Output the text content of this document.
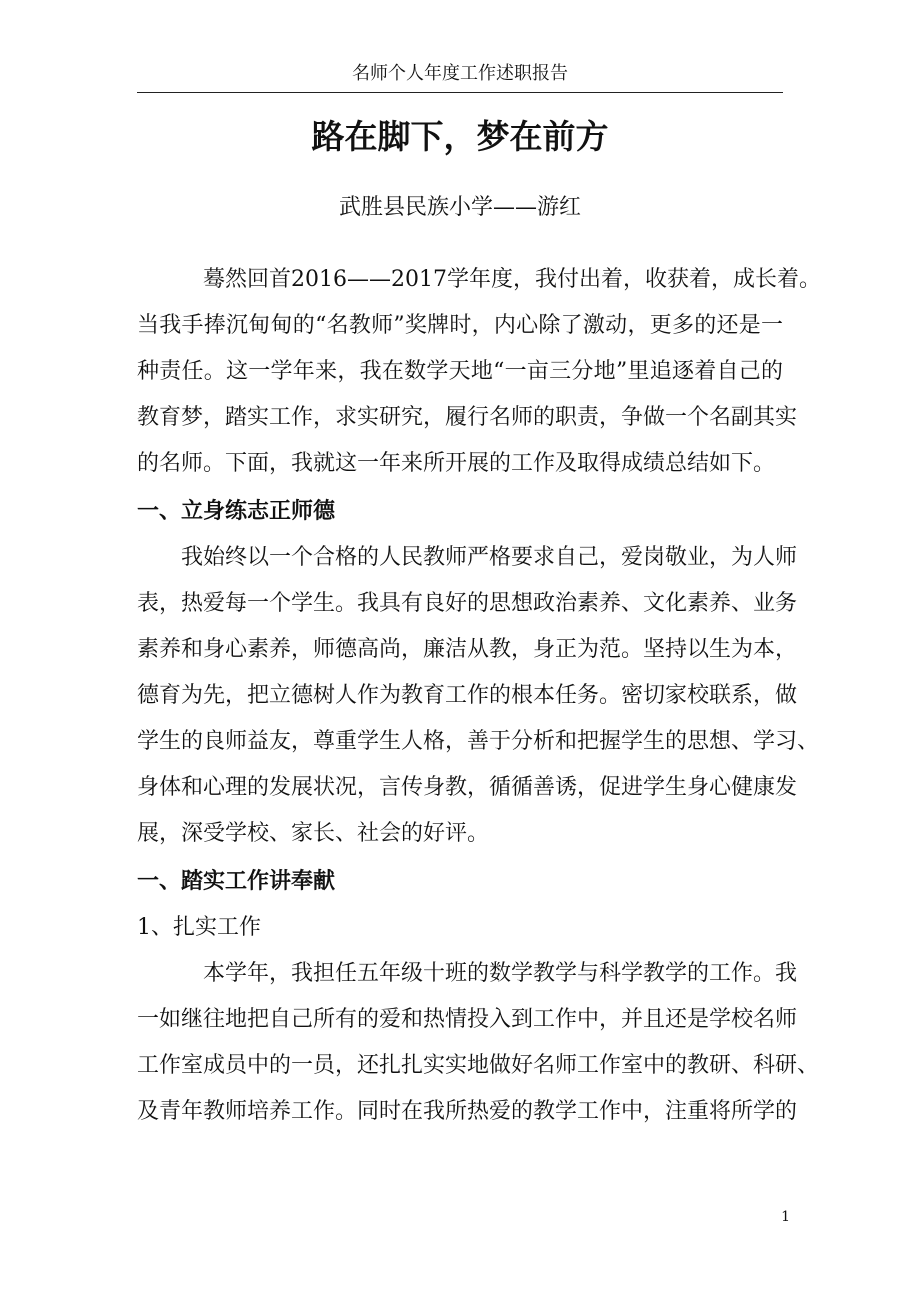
名师个人年度工作述职报告
路在脚下，梦在前方
武胜县民族小学——游红
蓦然回首2016——2017学年度，我付出着，收获着，成长着。
当我手捧沉甸甸的“名教师”奖牌时，内心除了激动，更多的还是一
种责任。这一学年来，我在数学天地“一亩三分地”里追逐着自己的
教育梦，踏实工作，求实研究，履行名师的职责，争做一个名副其实
的名师。下面，我就这一年来所开展的工作及取得成绩总结如下。
一、立身练志正师德
我始终以一个合格的人民教师严格要求自己，爱岗敬业，为人师
表，热爱每一个学生。我具有良好的思想政治素养、文化素养、业务
素养和身心素养，师德高尚，廉洁从教，身正为范。坚持以生为本，
德育为先，把立德树人作为教育工作的根本任务。密切家校联系，做
学生的良师益友，尊重学生人格，善于分析和把握学生的思想、学习、
身体和心理的发展状况，言传身教，循循善诱，促进学生身心健康发
展，深受学校、家长、社会的好评。
一、踏实工作讲奉献
1、扎实工作
本学年，我担任五年级十班的数学教学与科学教学的工作。我
一如继往地把自己所有的爱和热情投入到工作中，并且还是学校名师
工作室成员中的一员，还扎扎实实地做好名师工作室中的教研、科研、
及青年教师培养工作。同时在我所热爱的教学工作中，注重将所学的
1
